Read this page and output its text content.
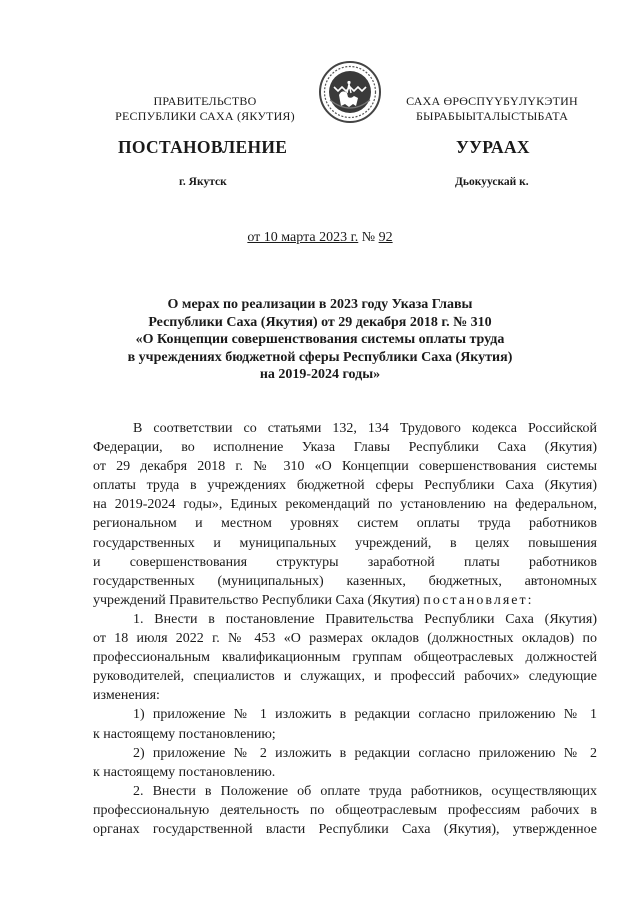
ПРАВИТЕЛЬСТВО
РЕСПУБЛИКИ САХА (ЯКУТИЯ)
САХА ӨРӨСПҮҮБҮЛҮКЭТИН
БЫРАБЫЫТАЛЫСТЫБАТА
ПОСТАНОВЛЕНИЕ	УУРААХ
г. Якутск	Дьокуускай к.
от 10 марта 2023 г. № 92
О мерах по реализации в 2023 году Указа Главы
Республики Саха (Якутия) от 29 декабря 2018 г. № 310
«О Концепции совершенствования системы оплаты труда
в учреждениях бюджетной сферы Республики Саха (Якутия)
на 2019-2024 годы»

В соответствии со статьями 132, 134 Трудового кодекса Российской

Федерации, во исполнение Указа Главы Республики Саха (Якутия)

от 29 декабря 2018 г. № 310 «О Концепции совершенствования системы

оплаты труда в учреждениях бюджетной сферы Республики Саха (Якутия)

на 2019-2024 годы», Единых рекомендаций по установлению на федеральном,

региональном и местном уровнях систем оплаты труда работников

государственных и муниципальных учреждений, в целях повышения

и совершенствования структуры заработной платы работников

государственных (муниципальных) казенных, бюджетных, автономных

учреждений Правительство Республики Саха (Якутия) постановляет:

1. Внести в постановление Правительства Республики Саха (Якутия)

от 18 июля 2022 г. № 453 «О размерах окладов (должностных окладов) по

профессиональным квалификационным группам общеотраслевых должностей

руководителей, специалистов и служащих, и профессий рабочих» следующие

изменения:

1) приложение № 1 изложить в редакции согласно приложению № 1

к настоящему постановлению;

2) приложение № 2 изложить в редакции согласно приложению № 2

к настоящему постановлению.

2. Внести в Положение об оплате труда работников, осуществляющих

профессиональную деятельность по общеотраслевым профессиям рабочих в

органах государственной власти Республики Саха (Якутия), утвержденное
